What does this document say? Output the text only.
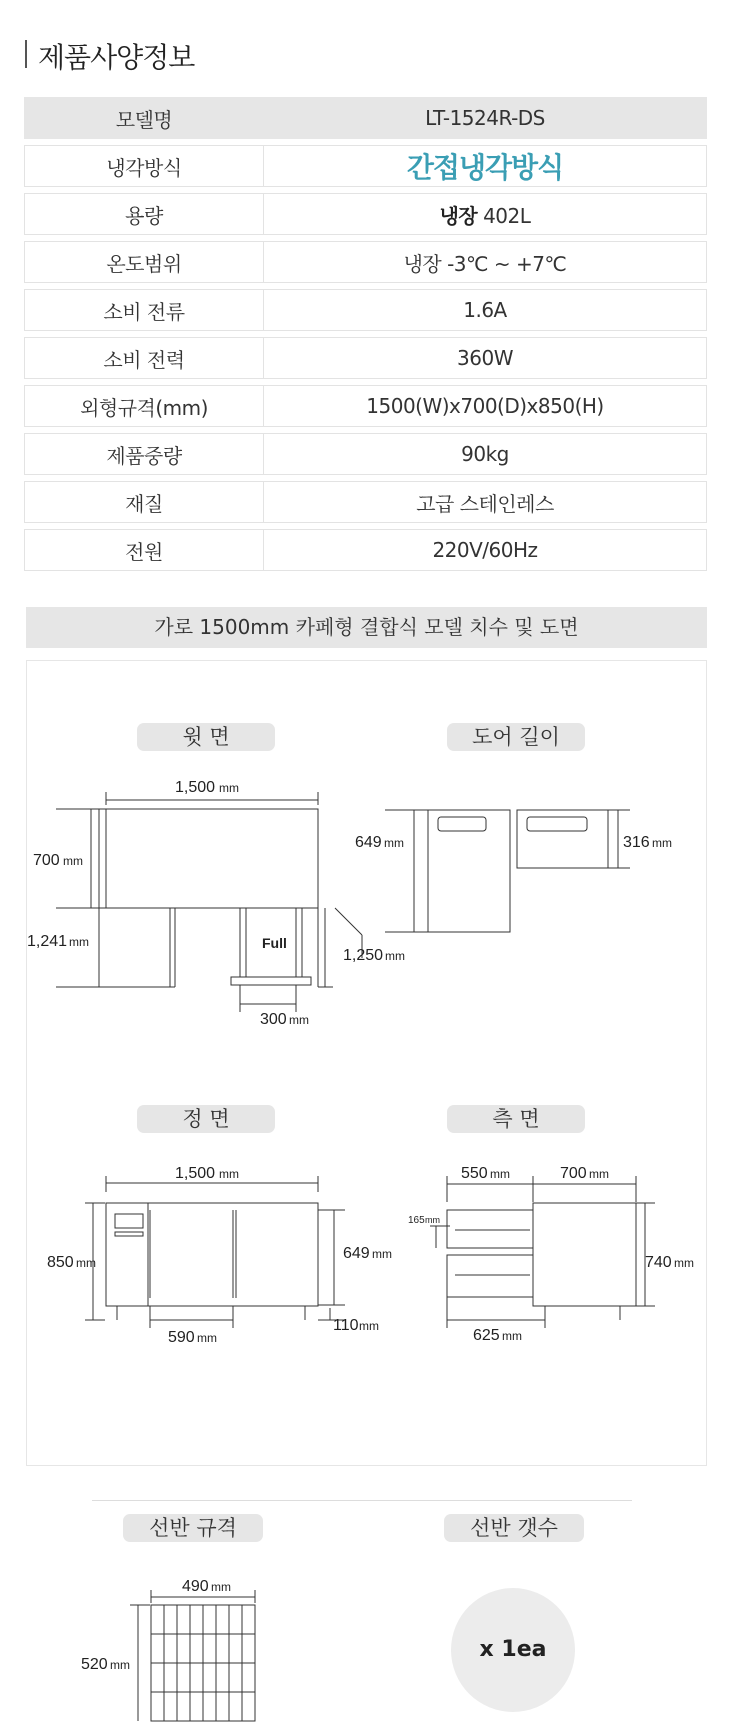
제품사양정보
모델명	LT-1524R-DS
냉각방식	간접냉각방식
용량	냉장 402L
온도범위	냉장 -3℃ ~ +7℃
소비 전류	1.6A
소비 전력	360W
외형규격(mm)	1500(W)x700(D)x850(H)
제품중량	90kg
재질	고급 스테인레스
전원	220V/60Hz
가로 1500mm 카페형 결합식 모델 치수 및 도면
윗 면	도어 길이
정 면	측 면
1,500 mm
700 mm
1,241 mm	Full
1,250 mm
300 mm
649 mm	316 mm
1,500 mm
850 mm
649 mm
110 mm
590 mm
550 mm	700 mm
165 mm
740 mm
625 mm
490 mm
520 mm
선반 규격	선반 갯수
x 1ea
